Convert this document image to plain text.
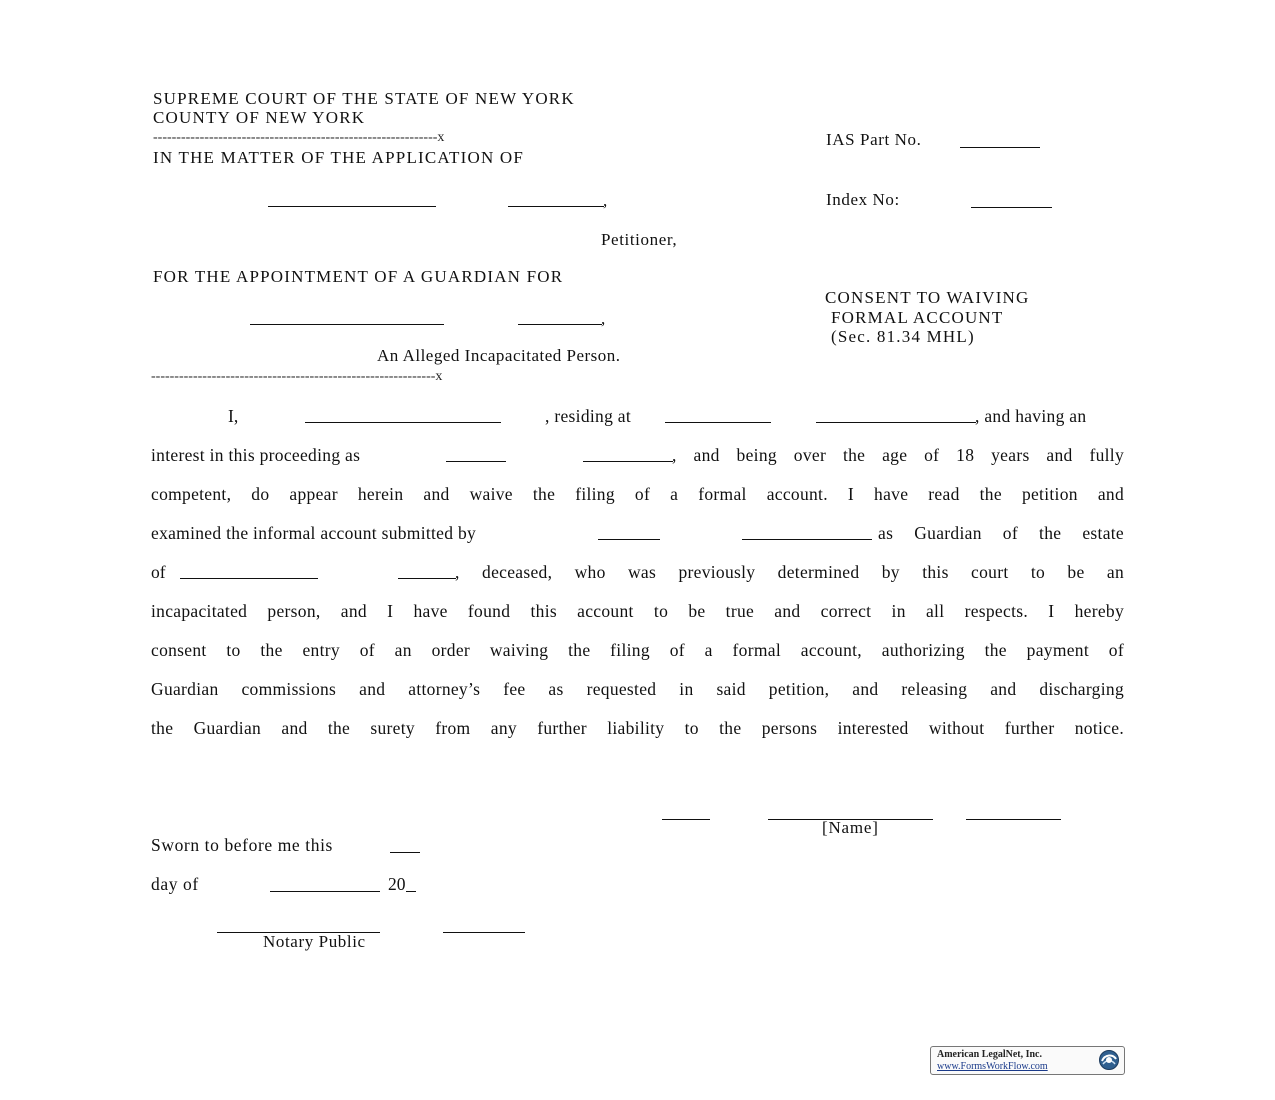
SUPREME COURT OF THE STATE OF NEW YORK
COUNTY OF NEW YORK
-------------------------------------------------------------x
IN THE MATTER OF THE APPLICATION OF
,
Petitioner,
FOR THE APPOINTMENT OF A GUARDIAN FOR
,
An Alleged Incapacitated Person.
-------------------------------------------------------------x
IAS Part No.
Index No:
CONSENT TO WAIVING
FORMAL ACCOUNT
(Sec. 81.34 MHL)
I,	, residing at	, and having an
interest in this proceeding as	, and being over the age of 18 years and fully
competent, do appear herein and waive the filing of a formal account. I have read the petition and
examined the informal account submitted by	as Guardian of the estate
of	, deceased, who was previously determined by this court to be an
incapacitated person, and I have found this account to be true and correct in all respects. I hereby
consent to the entry of an order waiving the filing of a formal account, authorizing the payment of
Guardian commissions and attorney’s fee as requested in said petition, and releasing and discharging
the Guardian and the surety from any further liability to the persons interested without further notice.
[Name]
Sworn to before me this
day of	20
Notary Public
American LegalNet, Inc.
www.FormsWorkFlow.com
